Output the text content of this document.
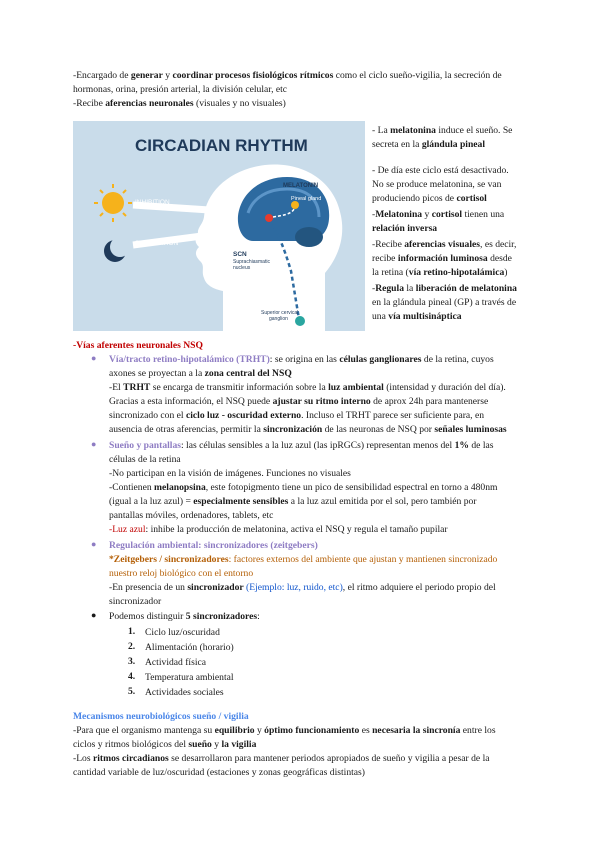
-Encargado de generar y coordinar procesos fisiológicos rítmicos como el ciclo sueño-vigilia, la secreción de
hormonas, orina, presión arterial, la división celular, etc
-Recibe aferencias neuronales (visuales y no visuales)
CIRCADIAN RHYTHM
INHIBITION
STIMULATION
MELATONIN
Pineal gland
SCN
Suprachiasmatic
nucleus
Superior cervical
ganglion
- La melatonina induce el sueño. Se
secreta en la glándula pineal
- De día este ciclo está desactivado.
No se produce melatonina, se van
produciendo picos de cortisol
-Melatonina y cortisol tienen una
relación inversa
-Recibe aferencias visuales, es decir,
recibe información luminosa desde
la retina (vía retino-hipotalámica)
-Regula la liberación de melatonina
en la glándula pineal (GP) a través de
una vía multisináptica
-Vías aferentes neuronales NSQ
● Vía/tracto retino-hipotalámico (TRHT): se origina en las células ganglionares de la retina, cuyos
axones se proyectan a la zona central del NSQ
-El TRHT se encarga de transmitir información sobre la luz ambiental (intensidad y duración del día).
Gracias a esta información, el NSQ puede ajustar su ritmo interno de aprox 24h para mantenerse
sincronizado con el ciclo luz - oscuridad externo. Incluso el TRHT parece ser suficiente para, en
ausencia de otras aferencias, permitir la sincronización de las neuronas de NSQ por señales luminosas
● Sueño y pantallas: las células sensibles a la luz azul (las ipRGCs) representan menos del 1% de las
células de la retina
-No participan en la visión de imágenes. Funciones no visuales
-Contienen melanopsina, este fotopigmento tiene un pico de sensibilidad espectral en torno a 480nm
(igual a la luz azul) = especialmente sensibles a la luz azul emitida por el sol, pero también por
pantallas móviles, ordenadores, tablets, etc
-Luz azul: inhibe la producción de melatonina, activa el NSQ y regula el tamaño pupilar
● Regulación ambiental: sincronizadores (zeitgebers)
*Zeitgebers / sincronizadores: factores externos del ambiente que ajustan y mantienen sincronizado
nuestro reloj biológico con el entorno
-En presencia de un sincronizador (Ejemplo: luz, ruido, etc), el ritmo adquiere el periodo propio del
sincronizador
● Podemos distinguir 5 sincronizadores:
1. Ciclo luz/oscuridad
2. Alimentación (horario)
3. Actividad física
4. Temperatura ambiental
5. Actividades sociales
Mecanismos neurobiológicos sueño / vigilia
-Para que el organismo mantenga su equilibrio y óptimo funcionamiento es necesaria la sincronía entre los
ciclos y ritmos biológicos del sueño y la vigilia
-Los ritmos circadianos se desarrollaron para mantener periodos apropiados de sueño y vigilia a pesar de la
cantidad variable de luz/oscuridad (estaciones y zonas geográficas distintas)
